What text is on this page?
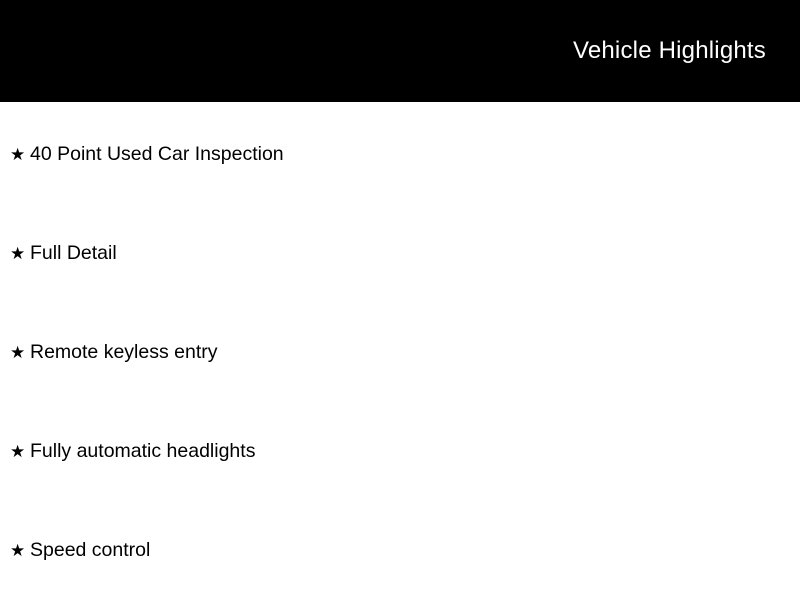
Vehicle Highlights
★ 40 Point Used Car Inspection
★ Full Detail
★ Remote keyless entry
★ Fully automatic headlights
★ Speed control
